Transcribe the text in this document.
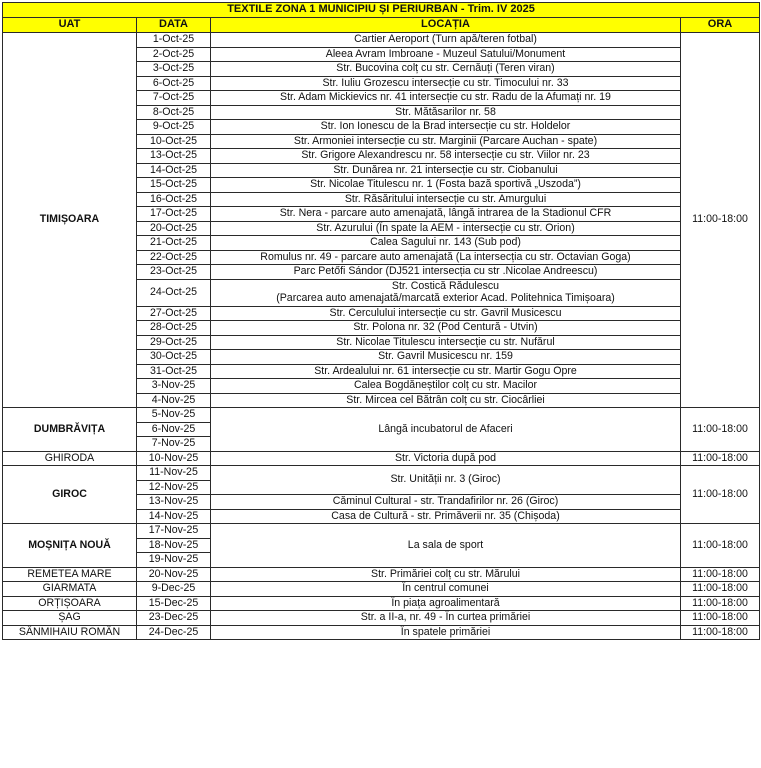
TEXTILE ZONA 1 MUNICIPIU ȘI PERIURBAN - Trim. IV 2025			
UAT	DATA	LOCAȚIA	ORA
TIMIȘOARA	1-Oct-25	Cartier Aeroport (Turn apă/teren fotbal)	11:00-18:00
	2-Oct-25	Aleea Avram Imbroane - Muzeul Satului/Monument	
	3-Oct-25	Str. Bucovina colț cu str. Cernăuți (Teren viran)	
	6-Oct-25	Str. Iuliu Grozescu intersecție cu str. Timocului nr. 33	
	7-Oct-25	Str. Adam Mickievics nr. 41 intersecție cu str. Radu de la Afumați nr. 19	
	8-Oct-25	Str. Mătăsarilor nr. 58	
	9-Oct-25	Str. Ion Ionescu de la Brad intersecție cu str. Holdelor	
	10-Oct-25	Str. Armoniei intersecție cu str. Marginii (Parcare Auchan - spate)	
	13-Oct-25	Str. Grigore Alexandrescu nr. 58 intersecție cu str. Viilor nr. 23	
	14-Oct-25	Str. Dunărea nr. 21 intersecție cu str. Ciobanului	
	15-Oct-25	Str. Nicolae Titulescu nr. 1 (Fosta bază sportivă „Uszoda”)	
	16-Oct-25	Str. Răsăritului intersecție cu str. Amurgului	
	17-Oct-25	Str. Nera - parcare auto amenajată, lângă intrarea de la Stadionul CFR	
	20-Oct-25	Str. Azurului (În spate la AEM - intersecție cu str. Orion)	
	21-Oct-25	Calea Sagului nr. 143 (Sub pod)	
	22-Oct-25	Romulus nr. 49 - parcare auto amenajată (La intersecția cu str. Octavian Goga)	
	23-Oct-25	Parc Petőfi Sándor (DJ521 intersecția cu str .Nicolae Andreescu)	
	24-Oct-25	Str. Costică Rădulescu
(Parcarea auto amenajată/marcată exterior Acad. Politehnica Timișoara)	

	27-Oct-25	Str. Cerculului intersecție cu str. Gavril Musicescu	
	28-Oct-25	Str. Polona nr. 32 (Pod Centură - Utvin)	
	29-Oct-25	Str. Nicolae Titulescu intersecție cu str. Nufărul	
	30-Oct-25	Str. Gavril Musicescu nr. 159	
	31-Oct-25	Str. Ardealului nr. 61 intersecție cu str. Martir Gogu Opre	
	3-Nov-25	Calea Bogdăneștilor colț cu str. Macilor	
	4-Nov-25	Str. Mircea cel Bătrân colț cu str. Ciocârliei	
DUMBRĂVIȚA	5-Nov-25	Lângă incubatorul de Afaceri	11:00-18:00
	6-Nov-25		
	7-Nov-25		
GHIRODA	10-Nov-25	Str. Victoria după pod	11:00-18:00
GIROC	11-Nov-25	Str. Unității nr. 3 (Giroc)	11:00-18:00
	12-Nov-25		
	13-Nov-25	Căminul Cultural - str. Trandafirilor nr. 26 (Giroc)	
	14-Nov-25	Casa de Cultură - str. Primăverii nr. 35 (Chișoda)	
MOȘNIȚA NOUĂ	17-Nov-25	La sala de sport	11:00-18:00
	18-Nov-25		
	19-Nov-25		
REMETEA MARE	20-Nov-25	Str. Primăriei colț cu str. Mărului	11:00-18:00
GIARMATA	9-Dec-25	În centrul comunei	11:00-18:00
ORȚIȘOARA	15-Dec-25	În piața agroalimentară	11:00-18:00
ȘAG	23-Dec-25	Str. a II-a, nr. 49 - În curtea primăriei	11:00-18:00
SÂNMIHAIU ROMÂN	24-Dec-25	În spatele primăriei	11:00-18:00
